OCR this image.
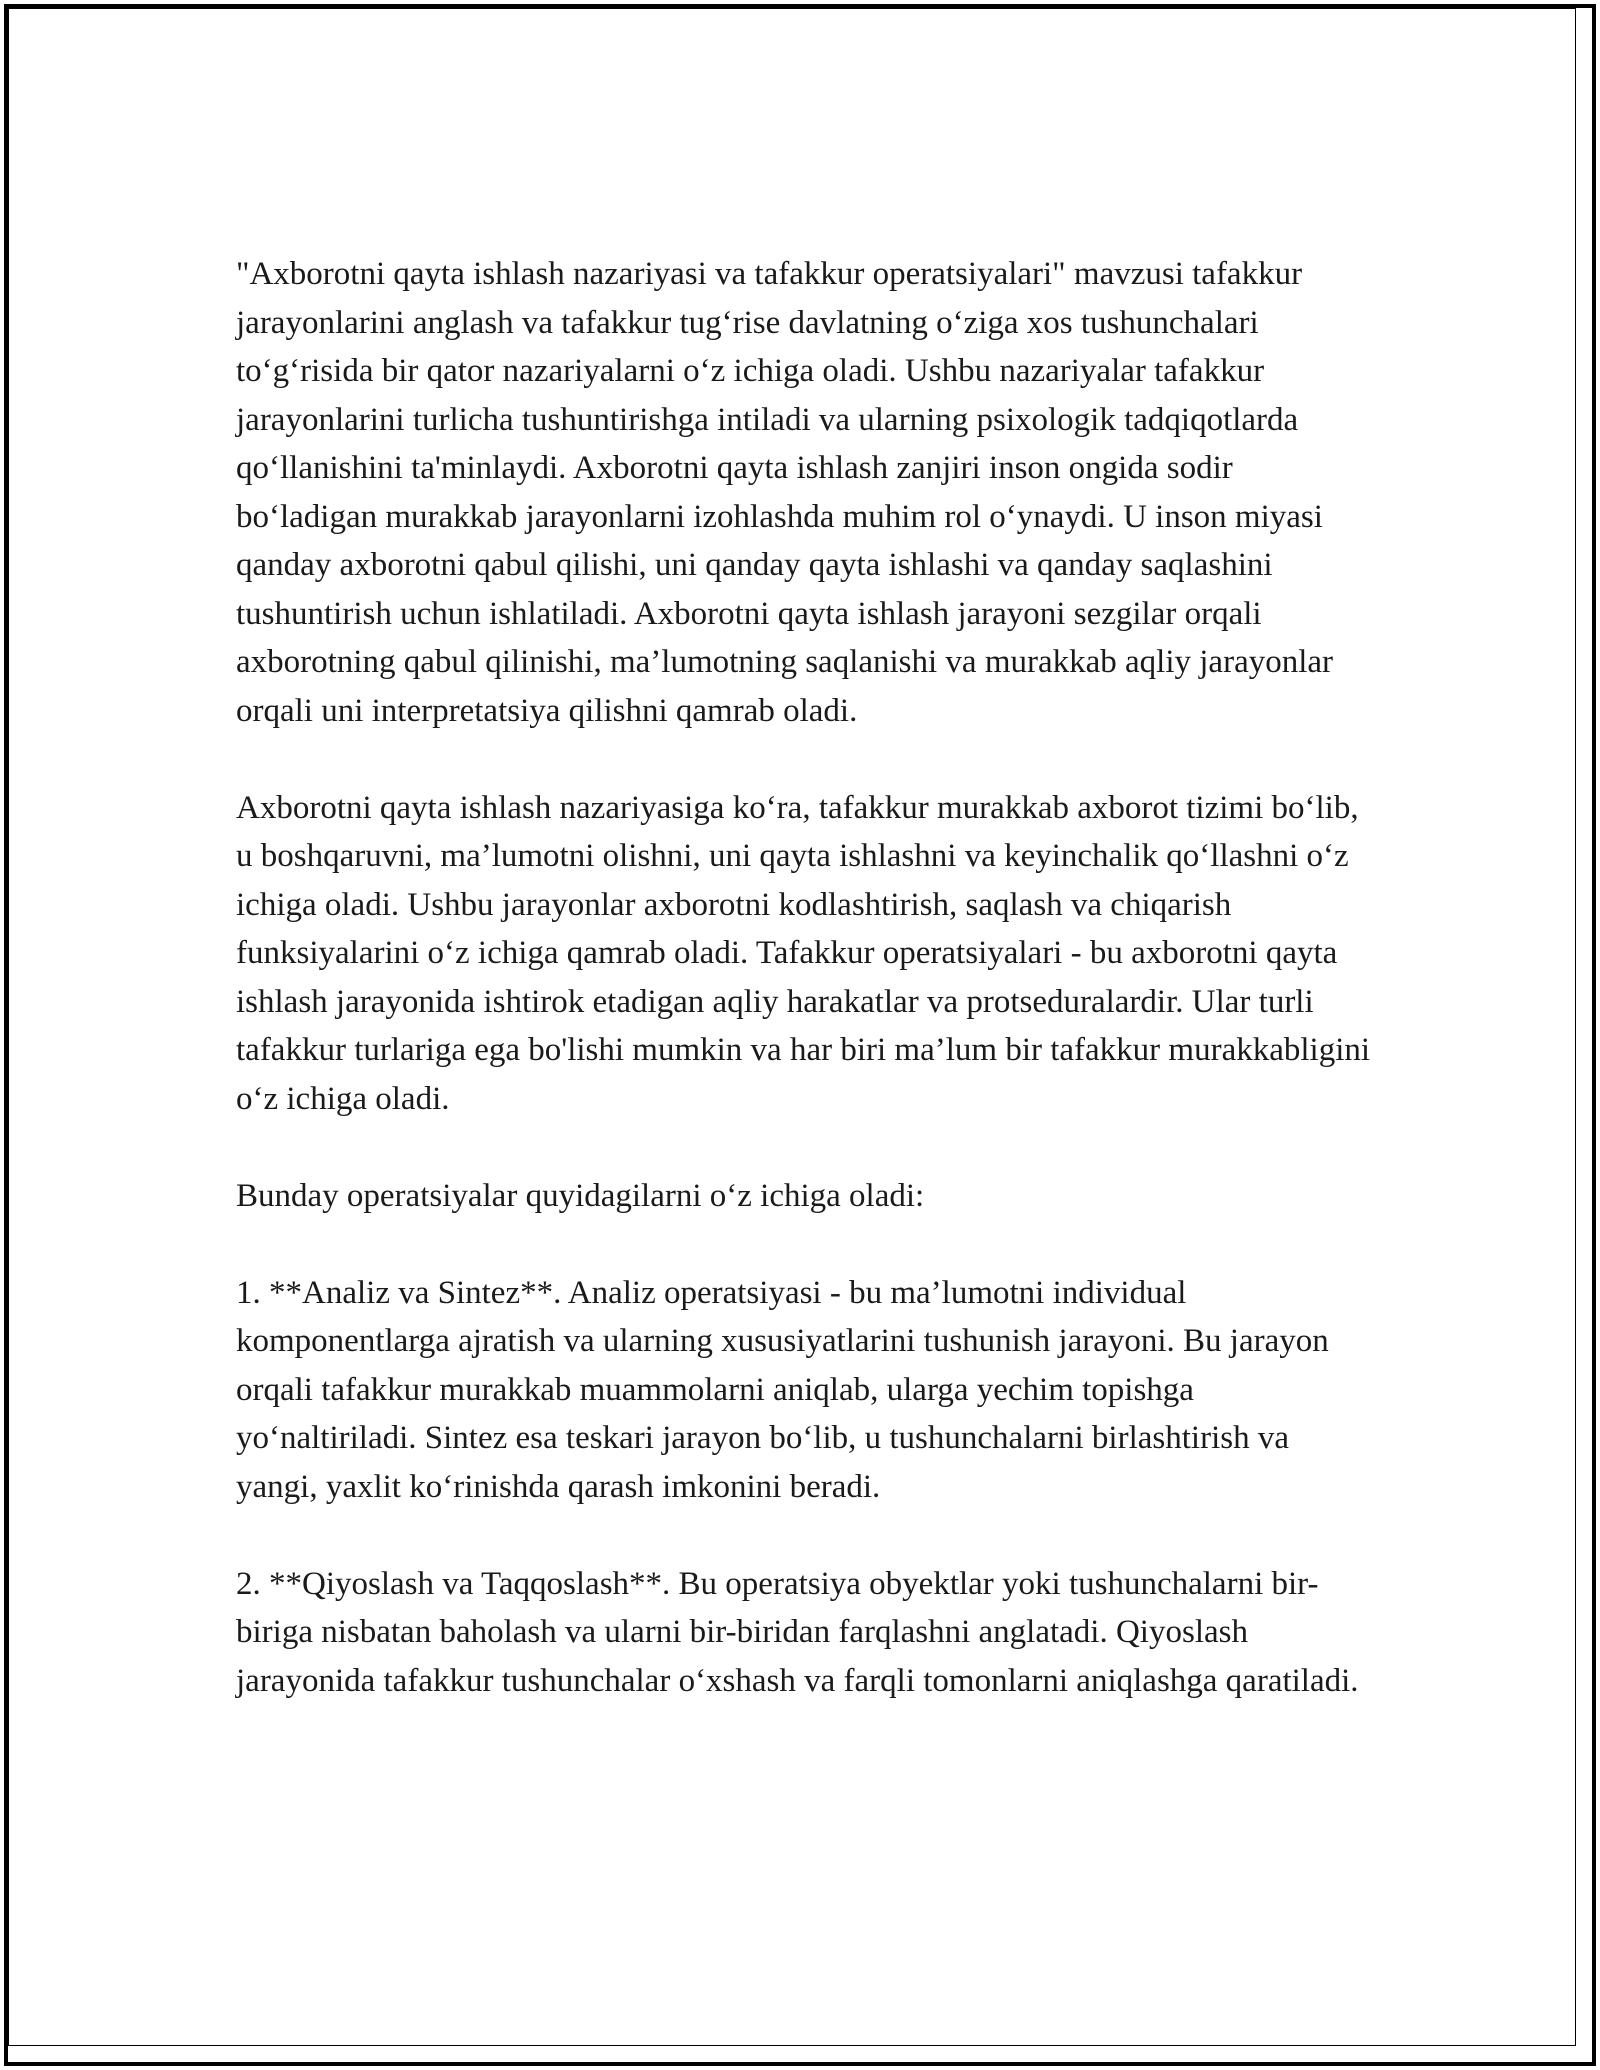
"Axborotni qayta ishlash nazariyasi va tafakkur operatsiyalari" mavzusi tafakkur jarayonlarini anglash va tafakkur tug‘rise davlatning o‘ziga xos tushunchalari to‘g‘risida bir qator nazariyalarni o‘z ichiga oladi. Ushbu nazariyalar tafakkur jarayonlarini turlicha tushuntirishga intiladi va ularning psixologik tadqiqotlarda qo‘llanishini ta'minlaydi. Axborotni qayta ishlash zanjiri inson ongida sodir bo‘ladigan murakkab jarayonlarni izohlashda muhim rol o‘ynaydi. U inson miyasi qanday axborotni qabul qilishi, uni qanday qayta ishlashi va qanday saqlashini tushuntirish uchun ishlatiladi. Axborotni qayta ishlash jarayoni sezgilar orqali axborotning qabul qilinishi, ma’lumotning saqlanishi va murakkab aqliy jarayonlar orqali uni interpretatsiya qilishni qamrab oladi.

Axborotni qayta ishlash nazariyasiga ko‘ra, tafakkur murakkab axborot tizimi bo‘lib, u boshqaruvni, ma’lumotni olishni, uni qayta ishlashni va keyinchalik qo‘llashni o‘z ichiga oladi. Ushbu jarayonlar axborotni kodlashtirish, saqlash va chiqarish funksiyalarini o‘z ichiga qamrab oladi. Tafakkur operatsiyalari - bu axborotni qayta ishlash jarayonida ishtirok etadigan aqliy harakatlar va protseduralardir. Ular turli tafakkur turlariga ega bo'lishi mumkin va har biri ma’lum bir tafakkur murakkabligini o‘z ichiga oladi.

Bunday operatsiyalar quyidagilarni o‘z ichiga oladi:

1. **Analiz va Sintez**. Analiz operatsiyasi - bu ma’lumotni individual komponentlarga ajratish va ularning xususiyatlarini tushunish jarayoni. Bu jarayon orqali tafakkur murakkab muammolarni aniqlab, ularga yechim topishga yo‘naltiriladi. Sintez esa teskari jarayon bo‘lib, u tushunchalarni birlashtirish va yangi, yaxlit ko‘rinishda qarash imkonini beradi.

2. **Qiyoslash va Taqqoslash**. Bu operatsiya obyektlar yoki tushunchalarni bir-biriga nisbatan baholash va ularni bir-biridan farqlashni anglatadi. Qiyoslash jarayonida tafakkur tushunchalar o‘xshash va farqli tomonlarni aniqlashga qaratiladi.
